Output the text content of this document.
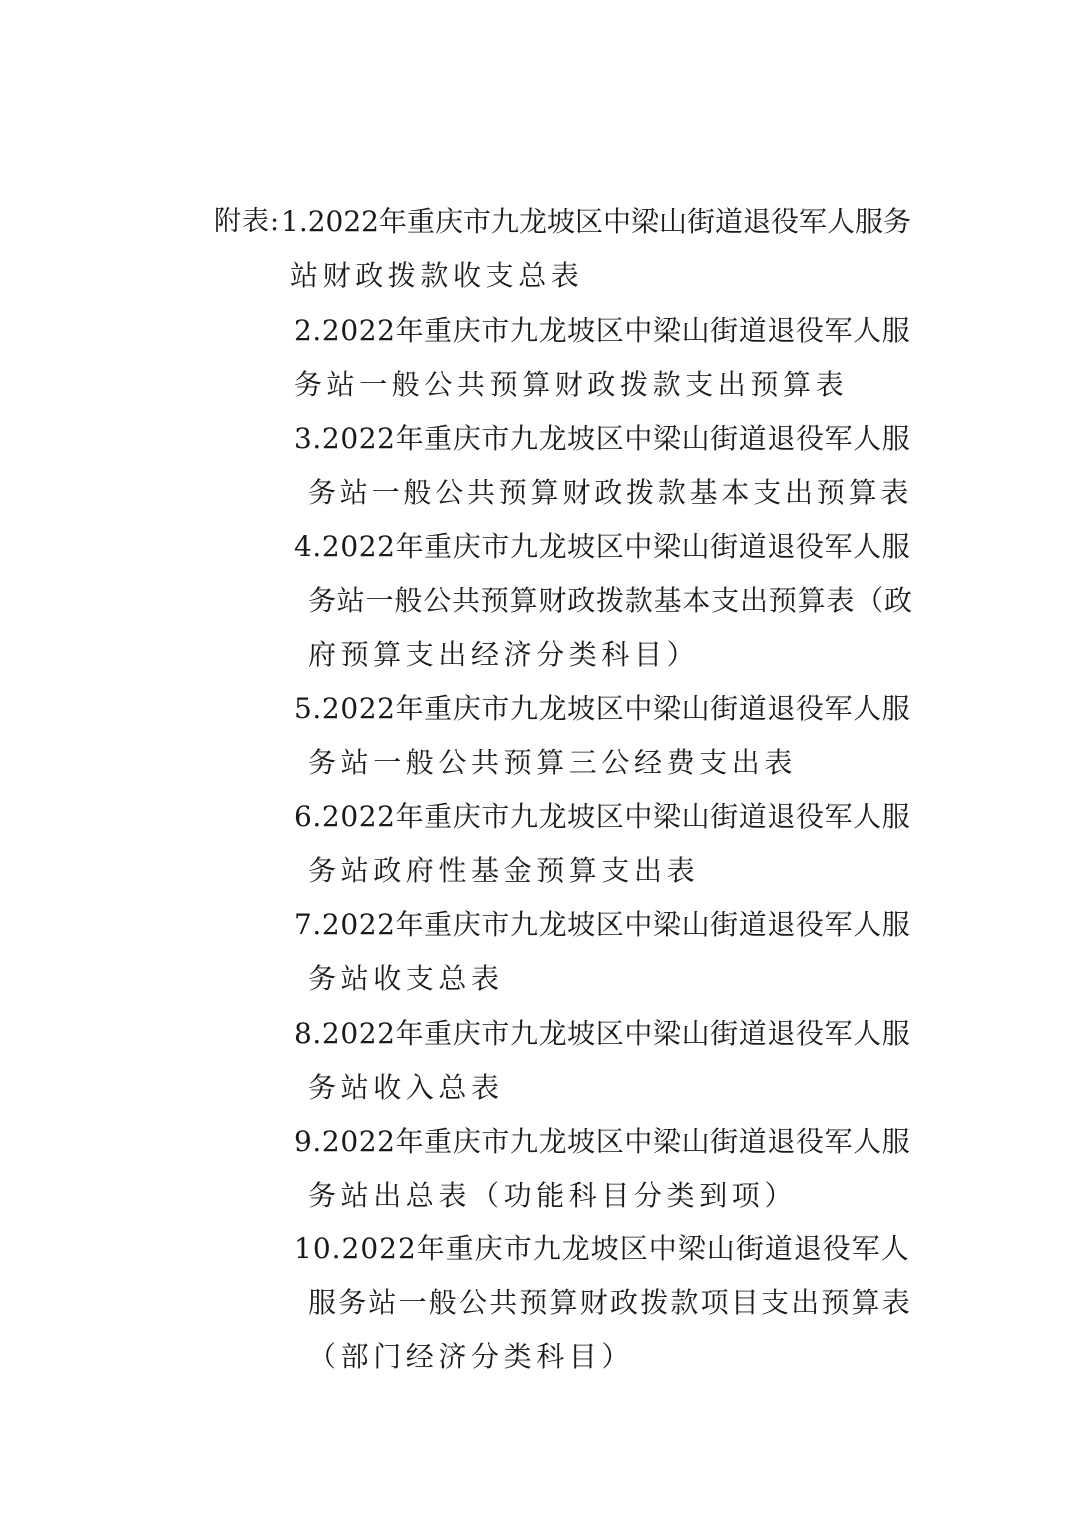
附表: 1.2022年重庆市九龙坡区中梁山街道退役军人服务
站财政拨款收支总表
2.2022年重庆市九龙坡区中梁山街道退役军人服
务站一般公共预算财政拨款支出预算表
3.2022年重庆市九龙坡区中梁山街道退役军人服
务站一般公共预算财政拨款基本支出预算表
4.2022年重庆市九龙坡区中梁山街道退役军人服
务站一般公共预算财政拨款基本支出预算表（政
府预算支出经济分类科目）
5.2022年重庆市九龙坡区中梁山街道退役军人服
务站一般公共预算三公经费支出表
6.2022年重庆市九龙坡区中梁山街道退役军人服
务站政府性基金预算支出表
7.2022年重庆市九龙坡区中梁山街道退役军人服
务站收支总表
8.2022年重庆市九龙坡区中梁山街道退役军人服
务站收入总表
9.2022年重庆市九龙坡区中梁山街道退役军人服
务站出总表（功能科目分类到项）
10.2022年重庆市九龙坡区中梁山街道退役军人
服务站一般公共预算财政拨款项目支出预算表
（部门经济分类科目）
